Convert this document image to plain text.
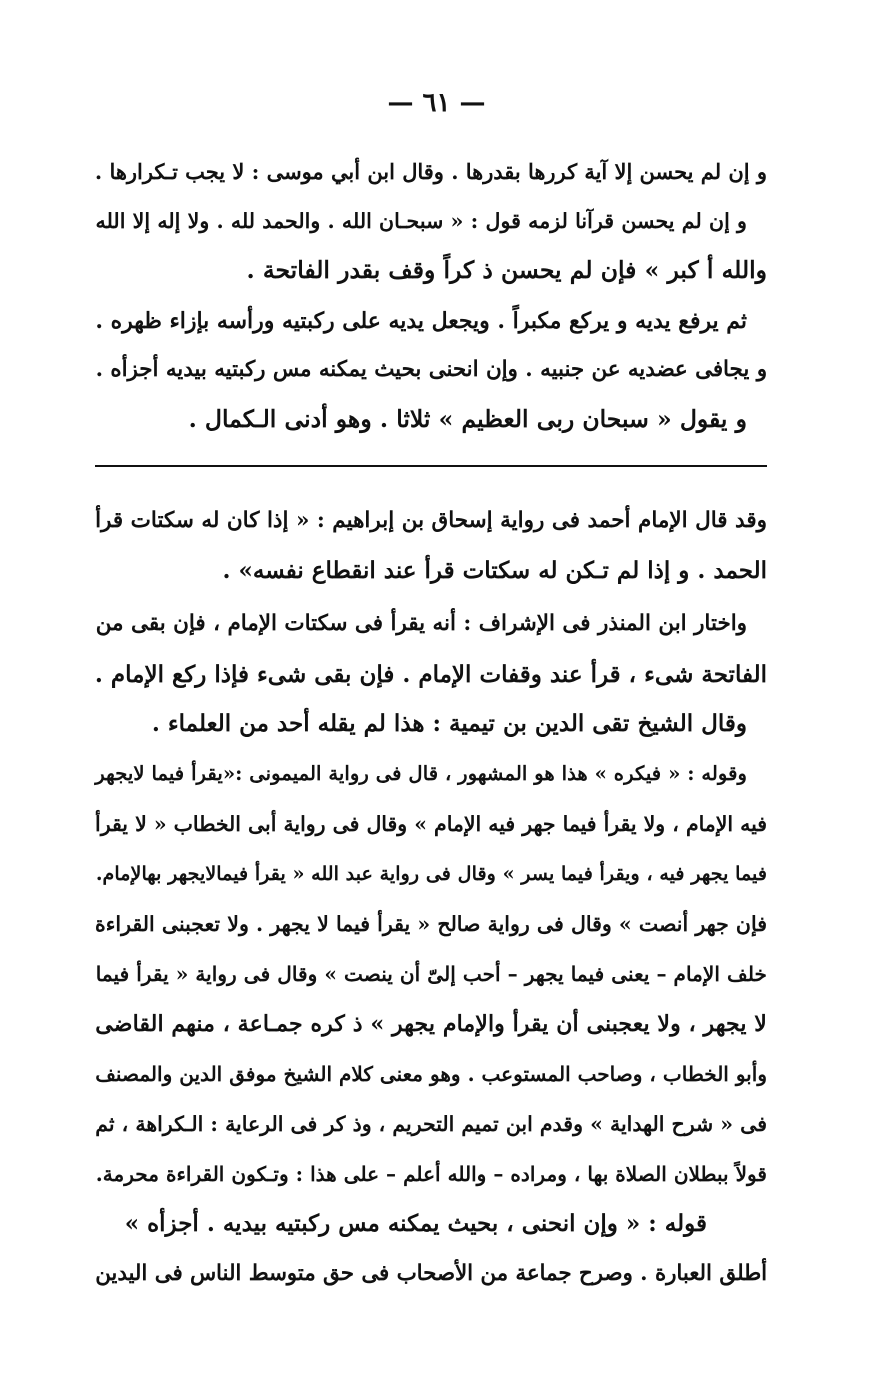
— ٦١ —
و إن لم يحسن إلا آية كررها بقدرها . وقال ابن أبي موسى : لا يجب تـكرارها .
و إن لم يحسن قرآنا لزمه قول : « سبحـان الله . والحمد لله . ولا إله إلا الله
والله أ كبر » فإن لم يحسن ذ كراً وقف بقدر الفاتحة .
ثم يرفع يديه و يركع مكبراً . ويجعل يديه على ركبتيه ورأسه بإزاء ظهره .
و يجافى عضديه عن جنبيه . وإن انحنى بحيث يمكنه مس ركبتيه بيديه أجزأه .
و يقول « سبحان ربى العظيم » ثلاثا . وهو أدنى الـكمال .
وقد قال الإمام أحمد فى رواية إسحاق بن إبراهيم : « إذا كان له سكتات قرأ
الحمد . و إذا لم تـكن له سكتات قرأ عند انقطاع نفسه» .
واختار ابن المنذر فى الإشراف : أنه يقرأ فى سكتات الإمام ، فإن بقى من
الفاتحة شىء ، قرأ عند وقفات الإمام . فإن بقى شىء فإذا ركع الإمام .
وقال الشيخ تقى الدين بن تيمية : هذا لم يقله أحد من العلماء .
وقوله : « فيكره » هذا هو المشهور ، قال فى رواية الميمونى :«يقرأ فيما لايجهر
فيه الإمام ، ولا يقرأ فيما جهر فيه الإمام » وقال فى رواية أبى الخطاب « لا يقرأ
فيما يجهر فيه ، ويقرأ فيما يسر » وقال فى رواية عبد الله « يقرأ فيمالايجهر بهالإمام.
فإن جهر أنصت » وقال فى رواية صالح « يقرأ فيما لا يجهر . ولا تعجبنى القراءة
خلف الإمام – يعنى فيما يجهر – أحب إلىّ أن ينصت » وقال فى رواية « يقرأ فيما
لا يجهر ، ولا يعجبنى أن يقرأ والإمام يجهر » ذ كره جمـاعة ، منهم القاضى
وأبو الخطاب ، وصاحب المستوعب . وهو معنى كلام الشيخ موفق الدين والمصنف
فى « شرح الهداية » وقدم ابن تميم التحريم ، وذ كر فى الرعاية : الـكراهة ، ثم
قولاً ببطلان الصلاة بها ، ومراده – والله أعلم – على هذا : وتـكون القراءة محرمة.
قوله : « وإن انحنى ، بحيث يمكنه مس ركبتيه بيديه . أجزأه »
أطلق العبارة . وصرح جماعة من الأصحاب فى حق متوسط الناس فى اليدين
